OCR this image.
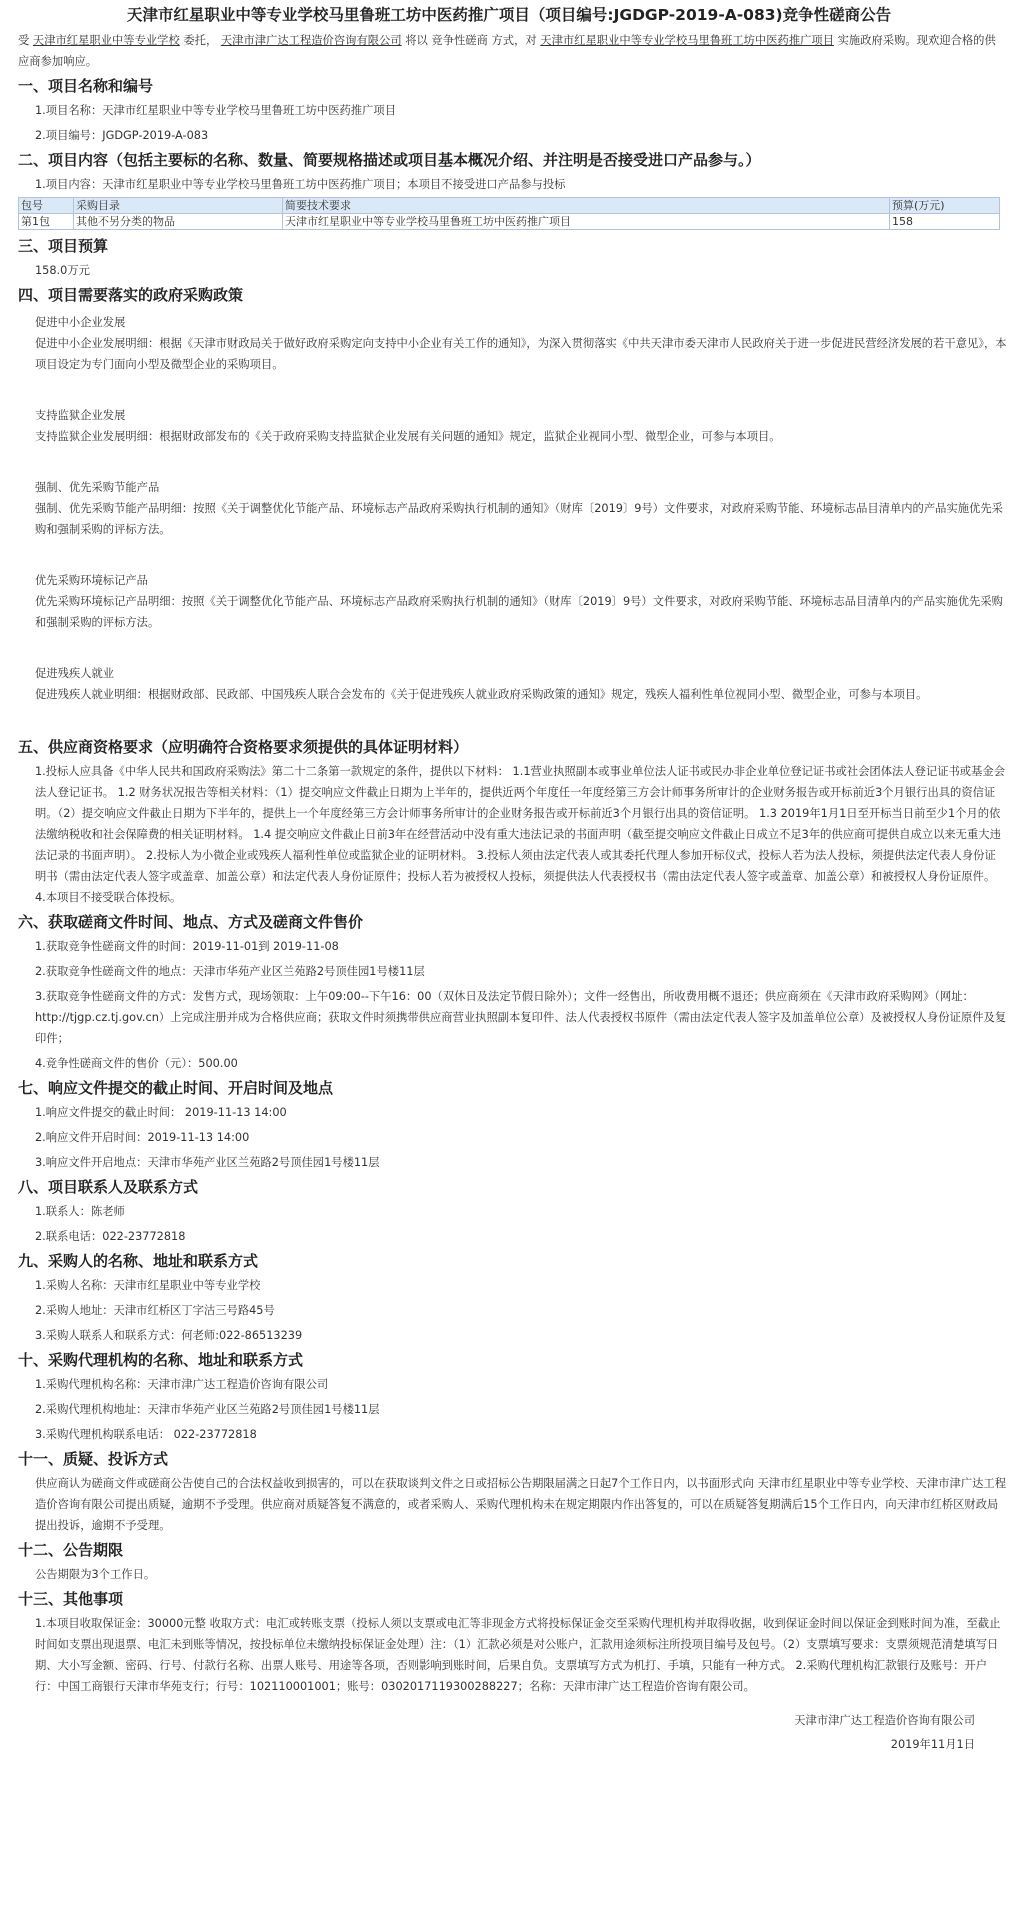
天津市红星职业中等专业学校马里鲁班工坊中医药推广项目（项目编号:JGDGP-2019-A-083)竞争性磋商公告
受 天津市红星职业中等专业学校 委托， 天津市津广达工程造价咨询有限公司 将以 竞争性磋商 方式，对 天津市红星职业中等专业学校马里鲁班工坊中医药推广项目 实施政府采购。现欢迎合格的供应商参加响应。
一、项目名称和编号
1.项目名称：天津市红星职业中等专业学校马里鲁班工坊中医药推广项目
2.项目编号：JGDGP-2019-A-083
二、项目内容（包括主要标的名称、数量、简要规格描述或项目基本概况介绍、并注明是否接受进口产品参与。）
1.项目内容：天津市红星职业中等专业学校马里鲁班工坊中医药推广项目；本项目不接受进口产品参与投标
包号	采购目录	简要技术要求	预算(万元)
第1包	其他不另分类的物品	天津市红星职业中等专业学校马里鲁班工坊中医药推广项目	158
三、项目预算
158.0万元
四、项目需要落实的政府采购政策
促进中小企业发展
促进中小企业发展明细：根据《天津市财政局关于做好政府采购定向支持中小企业有关工作的通知》，为深入贯彻落实《中共天津市委天津市人民政府关于进一步促进民营经济发展的若干意见》，本项目设定为专门面向小型及微型企业的采购项目。
支持监狱企业发展
支持监狱企业发展明细：根据财政部发布的《关于政府采购支持监狱企业发展有关问题的通知》规定，监狱企业视同小型、微型企业，可参与本项目。
强制、优先采购节能产品
强制、优先采购节能产品明细：按照《关于调整优化节能产品、环境标志产品政府采购执行机制的通知》（财库〔2019〕9号）文件要求，对政府采购节能、环境标志品目清单内的产品实施优先采购和强制采购的评标方法。
优先采购环境标记产品
优先采购环境标记产品明细：按照《关于调整优化节能产品、环境标志产品政府采购执行机制的通知》（财库〔2019〕9号）文件要求，对政府采购节能、环境标志品目清单内的产品实施优先采购和强制采购的评标方法。
促进残疾人就业
促进残疾人就业明细：根据财政部、民政部、中国残疾人联合会发布的《关于促进残疾人就业政府采购政策的通知》规定，残疾人福利性单位视同小型、微型企业，可参与本项目。
五、供应商资格要求（应明确符合资格要求须提供的具体证明材料）
1.投标人应具备《中华人民共和国政府采购法》第二十二条第一款规定的条件，提供以下材料： 1.1营业执照副本或事业单位法人证书或民办非企业单位登记证书或社会团体法人登记证书或基金会法人登记证书。 1.2 财务状况报告等相关材料：（1）提交响应文件截止日期为上半年的，提供近两个年度任一年度经第三方会计师事务所审计的企业财务报告或开标前近3个月银行出具的资信证明。（2）提交响应文件截止日期为下半年的，提供上一个年度经第三方会计师事务所审计的企业财务报告或开标前近3个月银行出具的资信证明。 1.3 2019年1月1日至开标当日前至少1个月的依法缴纳税收和社会保障费的相关证明材料。 1.4 提交响应文件截止日前3年在经营活动中没有重大违法记录的书面声明（截至提交响应文件截止日成立不足3年的供应商可提供自成立以来无重大违法记录的书面声明）。 2.投标人为小微企业或残疾人福利性单位或监狱企业的证明材料。 3.投标人须由法定代表人或其委托代理人参加开标仪式，投标人若为法人投标，须提供法定代表人身份证明书（需由法定代表人签字或盖章、加盖公章）和法定代表人身份证原件；投标人若为被授权人投标，须提供法人代表授权书（需由法定代表人签字或盖章、加盖公章）和被授权人身份证原件。 4.本项目不接受联合体投标。
六、获取磋商文件时间、地点、方式及磋商文件售价
1.获取竞争性磋商文件的时间：2019-11-01到 2019-11-08
2.获取竞争性磋商文件的地点：天津市华苑产业区兰苑路2号顶佳园1号楼11层
3.获取竞争性磋商文件的方式：发售方式，现场领取：上午09:00--下午16：00（双休日及法定节假日除外）；文件一经售出，所收费用概不退还；供应商须在《天津市政府采购网》（网址：http://tjgp.cz.tj.gov.cn）上完成注册并成为合格供应商；获取文件时须携带供应商营业执照副本复印件、法人代表授权书原件（需由法定代表人签字及加盖单位公章）及被授权人身份证原件及复印件；
4.竞争性磋商文件的售价（元）：500.00
七、响应文件提交的截止时间、开启时间及地点
1.响应文件提交的截止时间： 2019-11-13 14:00
2.响应文件开启时间：2019-11-13 14:00
3.响应文件开启地点：天津市华苑产业区兰苑路2号顶佳园1号楼11层
八、项目联系人及联系方式
1.联系人：陈老师
2.联系电话：022-23772818
九、采购人的名称、地址和联系方式
1.采购人名称：天津市红星职业中等专业学校
2.采购人地址：天津市红桥区丁字沽三号路45号
3.采购人联系人和联系方式：何老师:022-86513239
十、采购代理机构的名称、地址和联系方式
1.采购代理机构名称：天津市津广达工程造价咨询有限公司
2.采购代理机构地址：天津市华苑产业区兰苑路2号顶佳园1号楼11层
3.采购代理机构联系电话： 022-23772818
十一、质疑、投诉方式
供应商认为磋商文件或磋商公告使自己的合法权益收到损害的，可以在获取谈判文件之日或招标公告期限届满之日起7个工作日内，以书面形式向 天津市红星职业中等专业学校、天津市津广达工程造价咨询有限公司提出质疑，逾期不予受理。供应商对质疑答复不满意的，或者采购人、采购代理机构未在规定期限内作出答复的，可以在质疑答复期满后15个工作日内，向天津市红桥区财政局提出投诉，逾期不予受理。
十二、公告期限
公告期限为3个工作日。
十三、其他事项
1.本项目收取保证金：30000元整 收取方式：电汇或转账支票（投标人须以支票或电汇等非现金方式将投标保证金交至采购代理机构并取得收据，收到保证金时间以保证金到账时间为准，至截止时间如支票出现退票、电汇未到账等情况，按投标单位未缴纳投标保证金处理）注：（1）汇款必须是对公账户，汇款用途须标注所投项目编号及包号。（2）支票填写要求：支票须规范清楚填写日期、大小写金额、密码、行号、付款行名称、出票人账号、用途等各项，否则影响到账时间，后果自负。支票填写方式为机打、手填，只能有一种方式。 2.采购代理机构汇款银行及账号：开户行：中国工商银行天津市华苑支行；行号：102110001001；账号：0302017119300288227；名称：天津市津广达工程造价咨询有限公司。
天津市津广达工程造价咨询有限公司
2019年11月1日
